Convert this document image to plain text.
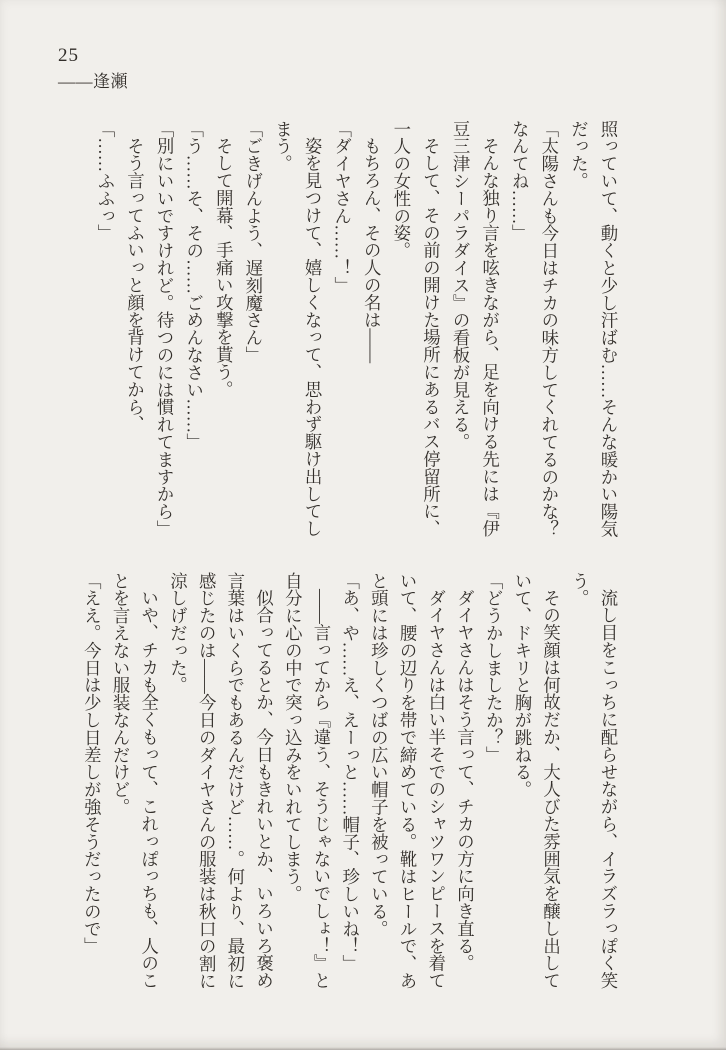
25
――逢瀬

照っていて、動くと少し汗ばむ……そんな暖かい陽気だった。

「太陽さんも今日はチカの味方してくれてるのかな？なんてね……」

そんな独り言を呟きながら、足を向ける先には『伊豆三津シーパラダイス』の看板が見える。

そして、その前の開けた場所にあるバス停留所に、一人の女性の姿。

もちろん、その人の名は――

「ダイヤさん……！」

姿を見つけて、嬉しくなって、思わず駆け出してしまう。

「ごきげんよう、遅刻魔さん」

そして開幕、手痛い攻撃を貰う。

「う……そ、その……ごめんなさい……」

「別にいいですけれど。待つのには慣れてますから」

そう言ってふいっと顔を背けてから、

「……ふふっ」

流し目をこっちに配らせながら、イラズラっぽく笑う。

その笑顔は何故だか、大人びた雰囲気を醸し出していて、ドキリと胸が跳ねる。

「どうかしましたか？」

ダイヤさんはそう言って、チカの方に向き直る。

ダイヤさんは白い半そでのシャツワンピースを着ていて、腰の辺りを帯で締めている。靴はヒールで、あと頭には珍しくつばの広い帽子を被っている。

「あ、や……え、えーっと……帽子、珍しいね！」

――言ってから『違う、そうじゃないでしょ！』と自分に心の中で突っ込みをいれてしまう。

似合ってるとか、今日もきれいとか、いろいろ褒め言葉はいくらでもあるんだけど……。何より、最初に感じたのは――今日のダイヤさんの服装は秋口の割に涼しげだった。

いや、チカも全くもって、これっぽっちも、人のことを言えない服装なんだけど。

「ええ。今日は少し日差しが強そうだったので」
